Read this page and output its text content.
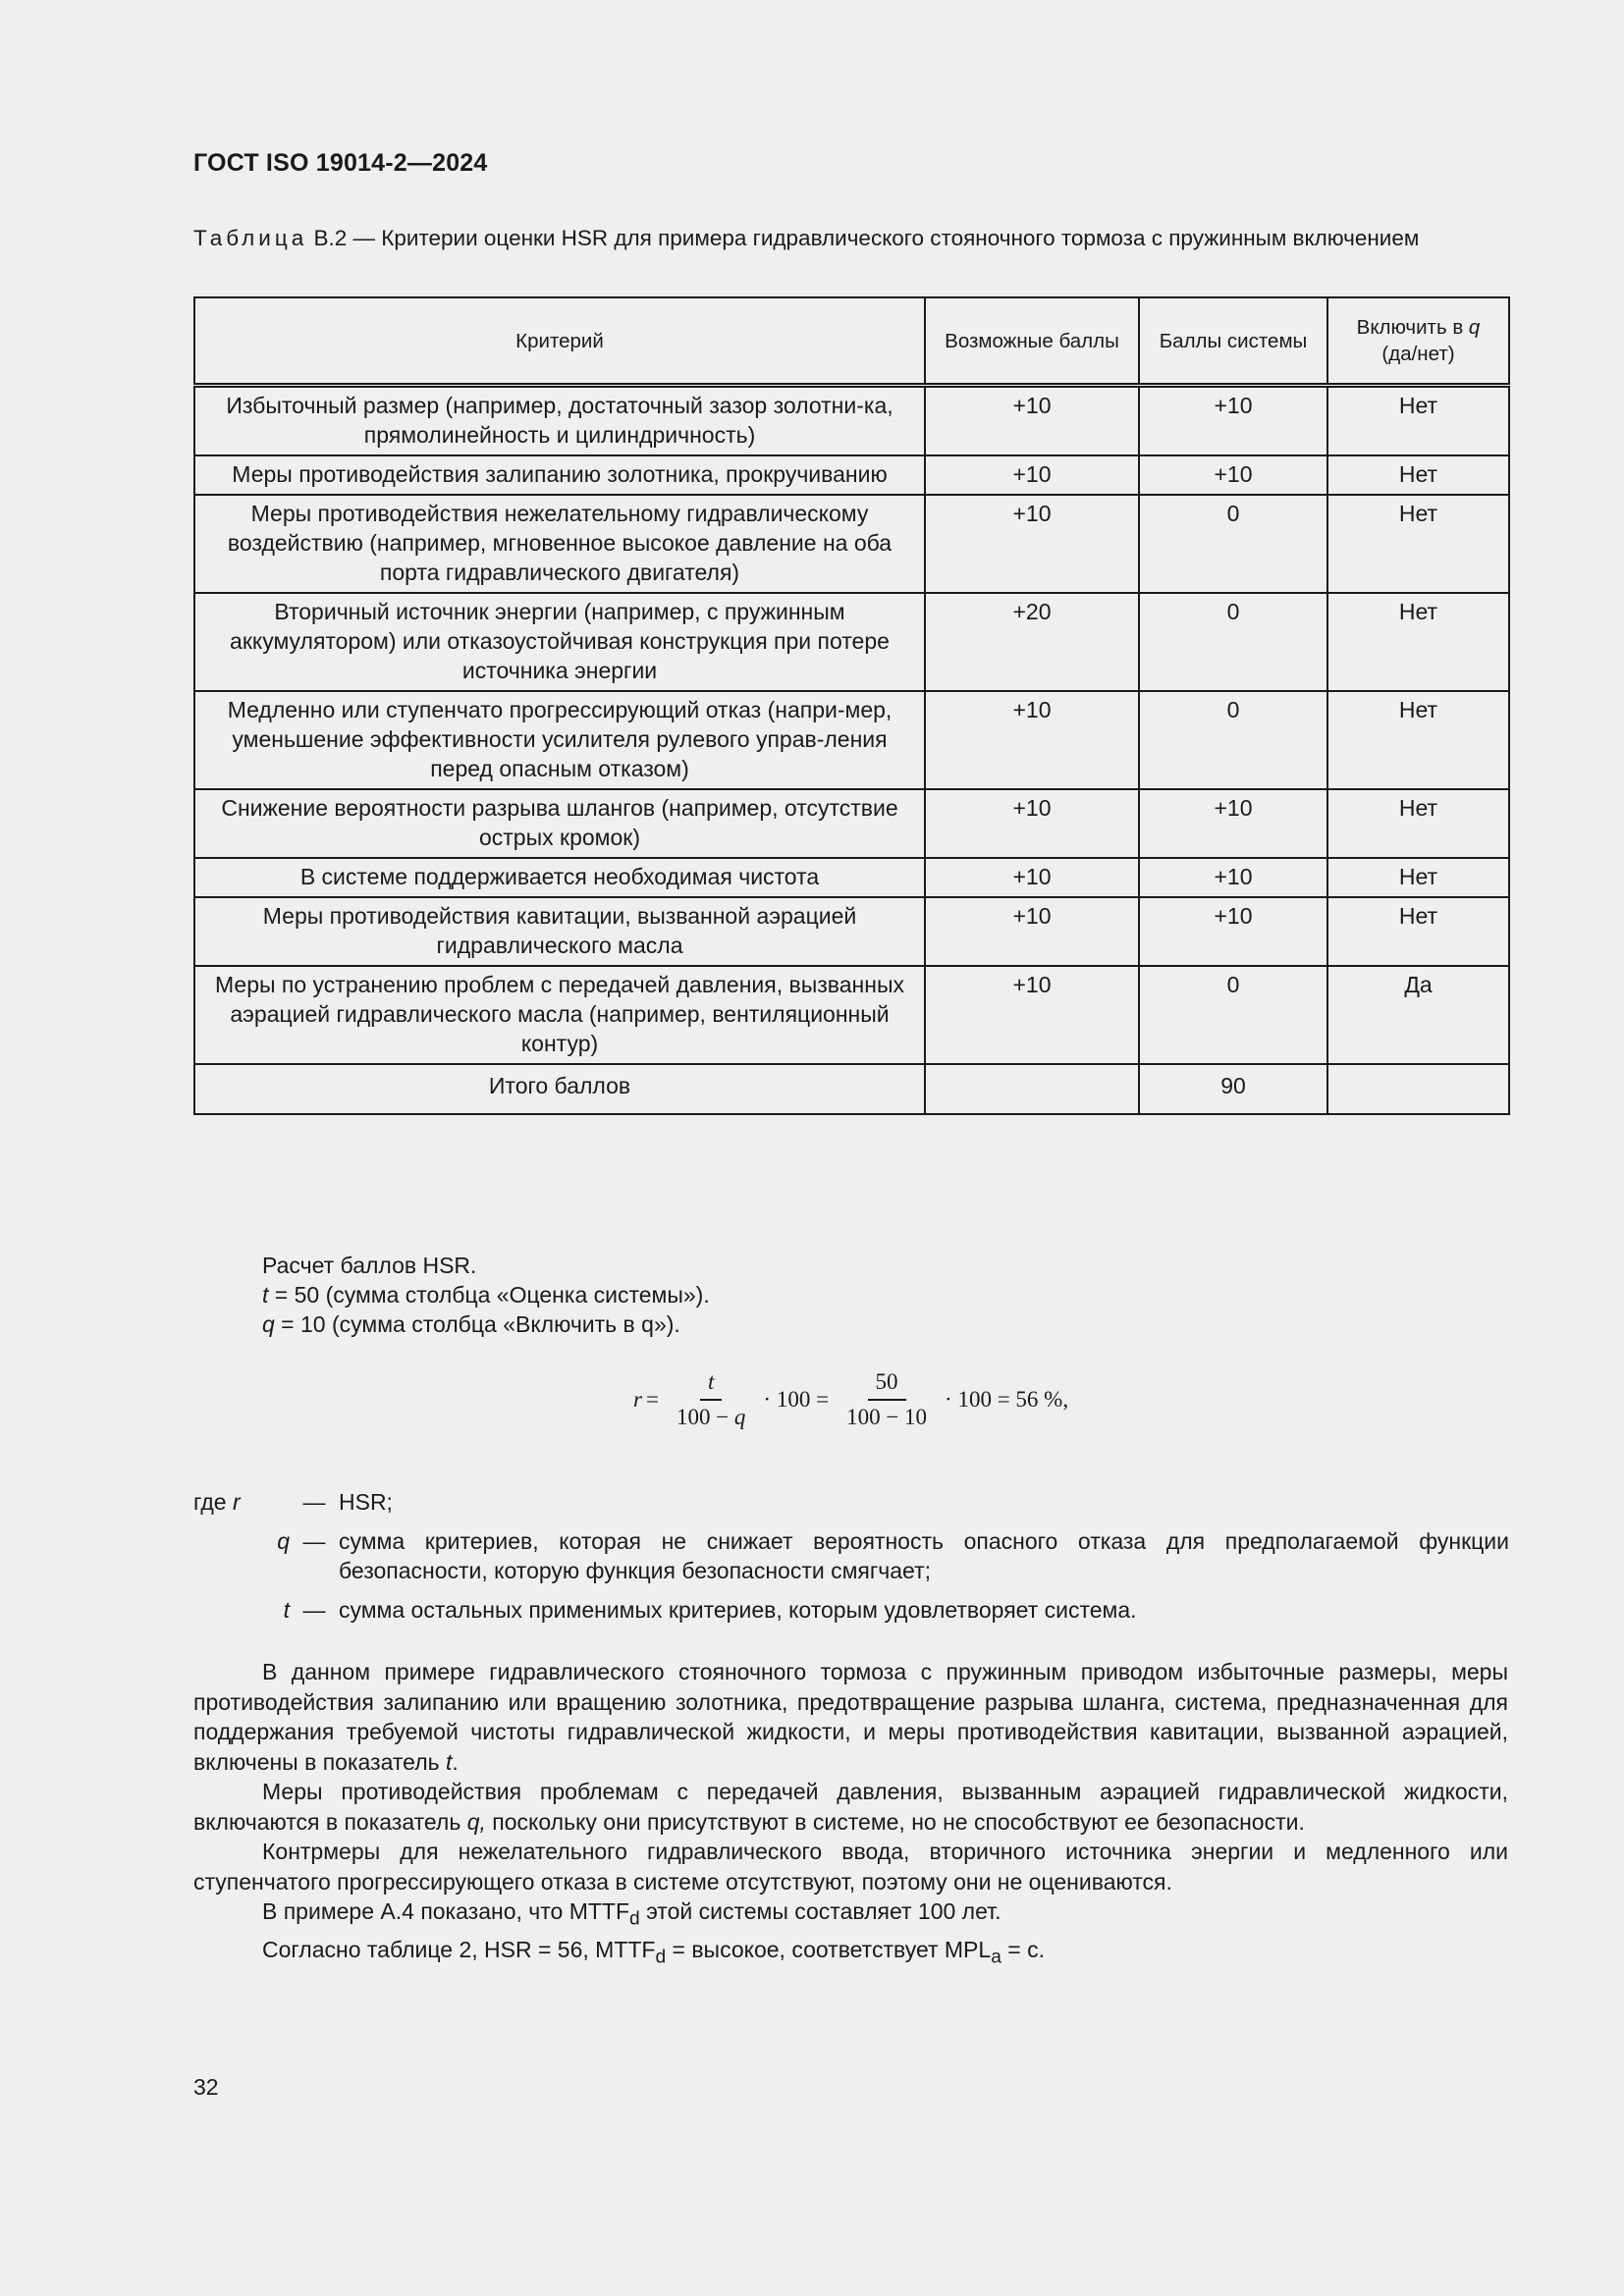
ГОСТ ISO 19014-2—2024
Таблица В.2 — Критерии оценки HSR для примера гидравлического стояночного тормоза с пружинным включением
Критерий	Возможные баллы	Баллы системы	Включить в q
(да/нет)
Избыточный размер (например, достаточный зазор золотни-ка, прямолинейность и цилиндричность)	+10	+10	Нет
Меры противодействия залипанию золотника, прокручиванию	+10	+10	Нет
Меры противодействия нежелательному гидравлическому воздействию (например, мгновенное высокое давление на оба порта гидравлического двигателя)	+10	0	Нет
Вторичный источник энергии (например, с пружинным аккумулятором) или отказоустойчивая конструкция при потере источника энергии	+20	0	Нет
Медленно или ступенчато прогрессирующий отказ (напри-мер, уменьшение эффективности усилителя рулевого управ-ления перед опасным отказом)	+10	0	Нет
Снижение вероятности разрыва шлангов (например, отсутствие острых кромок)	+10	+10	Нет
В системе поддерживается необходимая чистота	+10	+10	Нет
Меры противодействия кавитации, вызванной аэрацией гидравлического масла	+10	+10	Нет
Меры по устранению проблем с передачей давления, вызванных аэрацией гидравлического масла (например, вентиляционный контур)	+10	0	Да
Итого баллов		90	
Расчет баллов HSR.
t = 50 (сумма столбца «Оценка системы»).
q = 10 (сумма столбца «Включить в q»).
$r = \frac{t}{100 - q} \cdot 100 = \frac{50}{100 - 10} \cdot 100 = 56$ %,
где r	— HSR;
q — сумма критериев, которая не снижает вероятность опасного отказа для предполагаемой функции безопасности, которую функция безопасности смягчает;
t — сумма остальных применимых критериев, которым удовлетворяет система.

В данном примере гидравлического стояночного тормоза с пружинным приводом избыточные размеры, меры противодействия залипанию или вращению золотника, предотвращение разрыва шланга, система, предназначенная для поддержания требуемой чистоты гидравлической жидкости, и меры противодействия кавитации, вызванной аэрацией, включены в показатель t.

Меры противодействия проблемам с передачей давления, вызванным аэрацией гидравлической жидкости, включаются в показатель q, поскольку они присутствуют в системе, но не способствуют ее безопасности.

Контрмеры для нежелательного гидравлического ввода, вторичного источника энергии и медленного или ступенчатого прогрессирующего отказа в системе отсутствуют, поэтому они не оцениваются.

В примере А.4 показано, что $MTTF_d$ этой системы составляет 100 лет.

Согласно таблице 2, HSR = 56, $MTTF_d$ = высокое, соответствует $MPL_a = c$.

32
